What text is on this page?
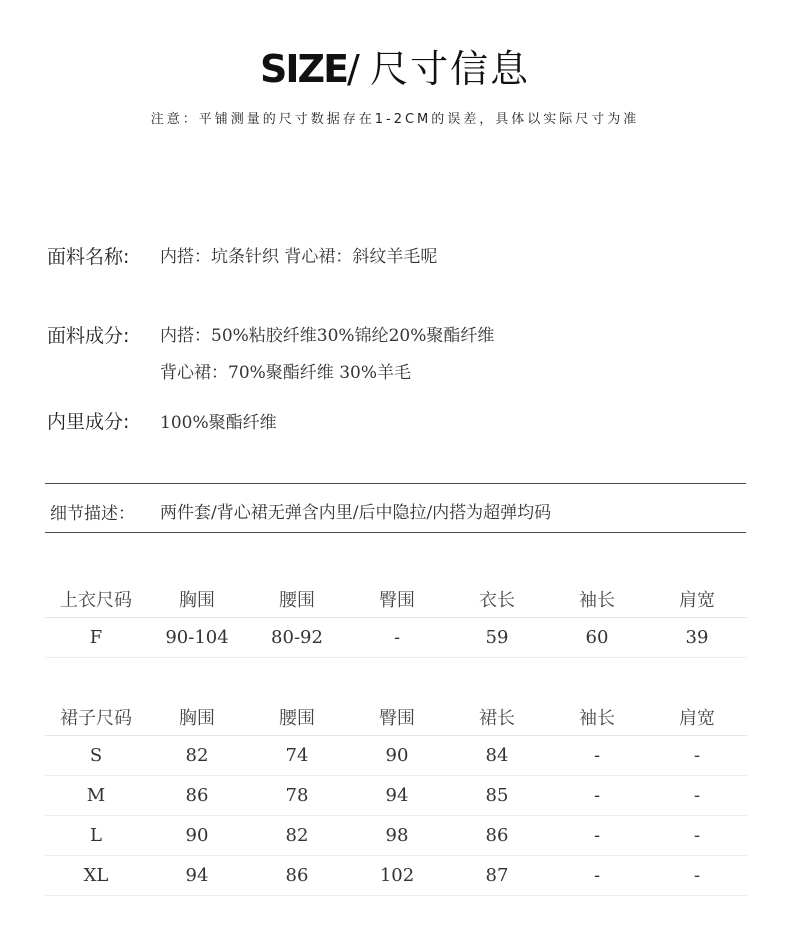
SIZE/ 尺寸信息
注意：平铺测量的尺寸数据存在1-2CM的误差，具体以实际尺寸为准
面料名称: 内搭：坑条针织 背心裙：斜纹羊毛呢
面料成分: 内搭：50%粘胶纤维30%锦纶20%聚酯纤维
背心裙：70%聚酯纤维 30%羊毛
内里成分: 100%聚酯纤维
细节描述： 两件套/背心裙无弹含内里/后中隐拉/内搭为超弹均码
上衣尺码	胸围	腰围	臀围	衣长	袖长	肩宽
F	90-104	80-92	-	59	60	39
裙子尺码	胸围	腰围	臀围	裙长	袖长	肩宽
S	82	74	90	84	-	-
M	86	78	94	85	-	-
L	90	82	98	86	-	-
XL	94	86	102	87	-	-
